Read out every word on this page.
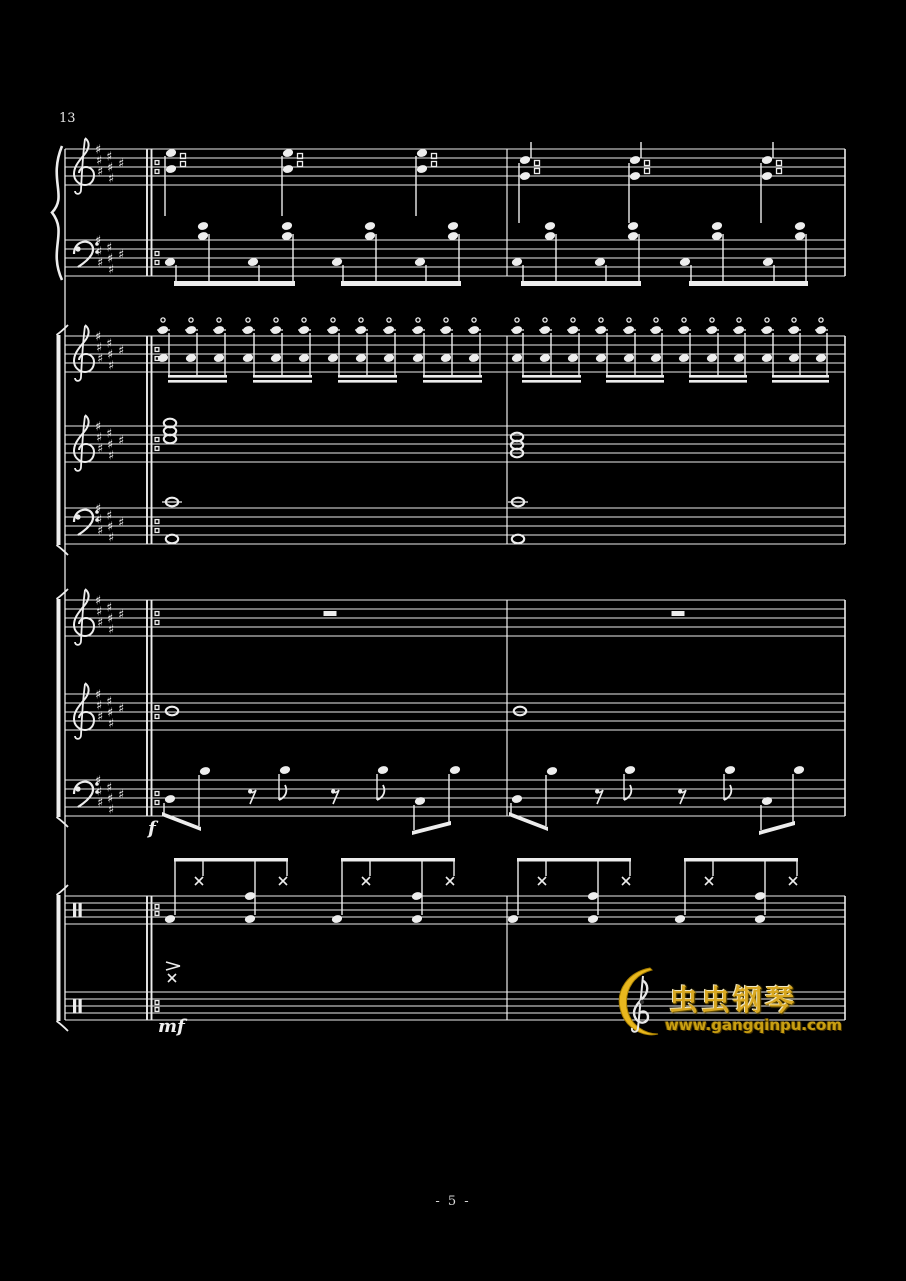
♯ ♯
♯ ♯
♯ ♯
♯
♯ ♯
♯ ♯
♯ ♯
♯
♯ ♯
♯ ♯
♯ ♯
♯
♯ ♯
♯ ♯
♯ ♯
♯
♯ ♯
♯ ♯
♯ ♯
♯
♯ ♯
♯ ♯
♯ ♯
♯
♯ ♯
♯ ♯
♯ ♯
♯
♯ ♯
♯ ♯
♯ ♯
♯
13
f
mf
- 5 -
虫虫钢琴
www.gangqinpu.com
